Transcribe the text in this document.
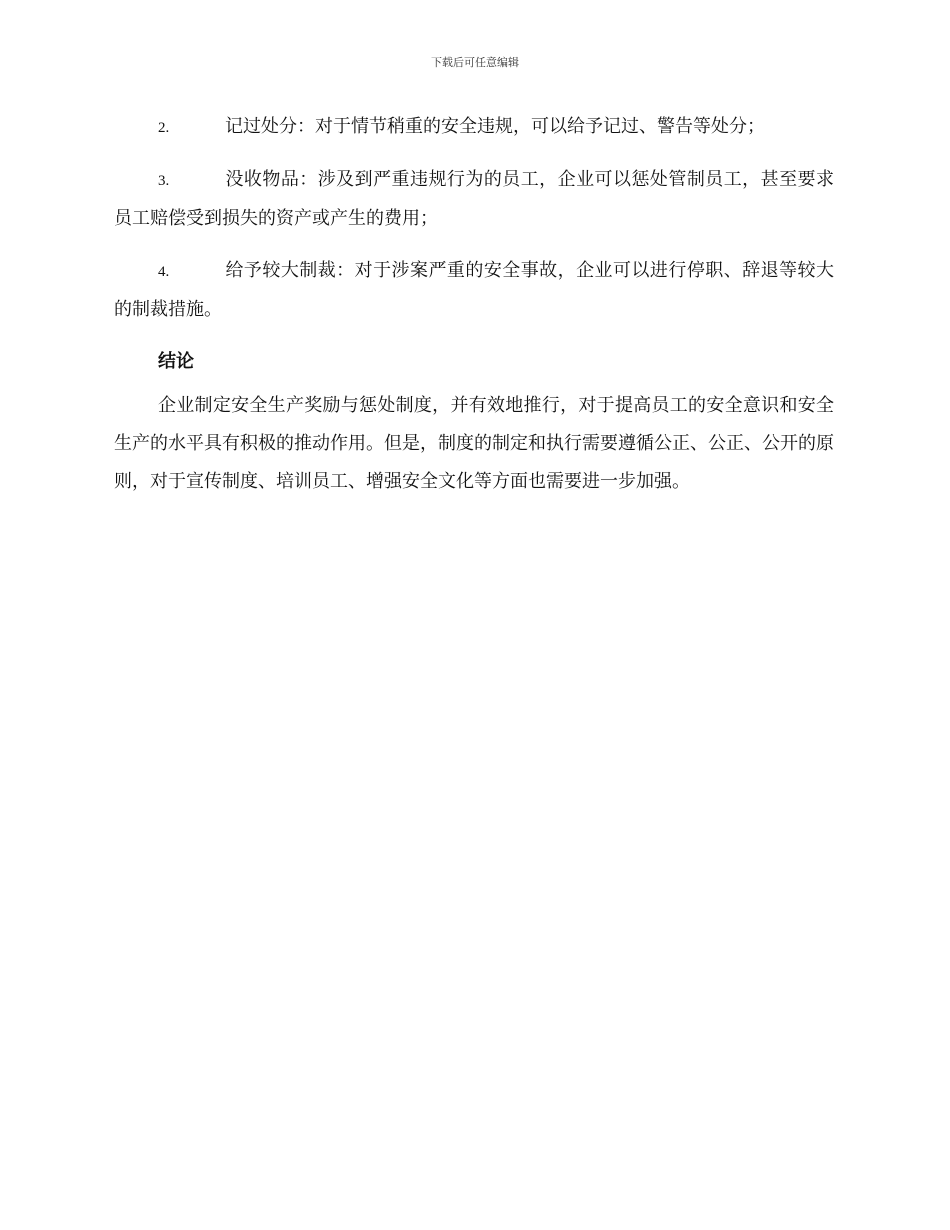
下载后可任意编辑

2.	记过处分：对于情节稍重的安全违规，可以给予记过、警告等处分；

3.	没收物品：涉及到严重违规行为的员工，企业可以惩处管制员工，甚至要求员工赔偿受到损失的资产或产生的费用；

4.	给予较大制裁：对于涉案严重的安全事故，企业可以进行停职、辞退等较大的制裁措施。

结论

企业制定安全生产奖励与惩处制度，并有效地推行，对于提高员工的安全意识和安全生产的水平具有积极的推动作用。但是，制度的制定和执行需要遵循公正、公正、公开的原则，对于宣传制度、培训员工、增强安全文化等方面也需要进一步加强。
